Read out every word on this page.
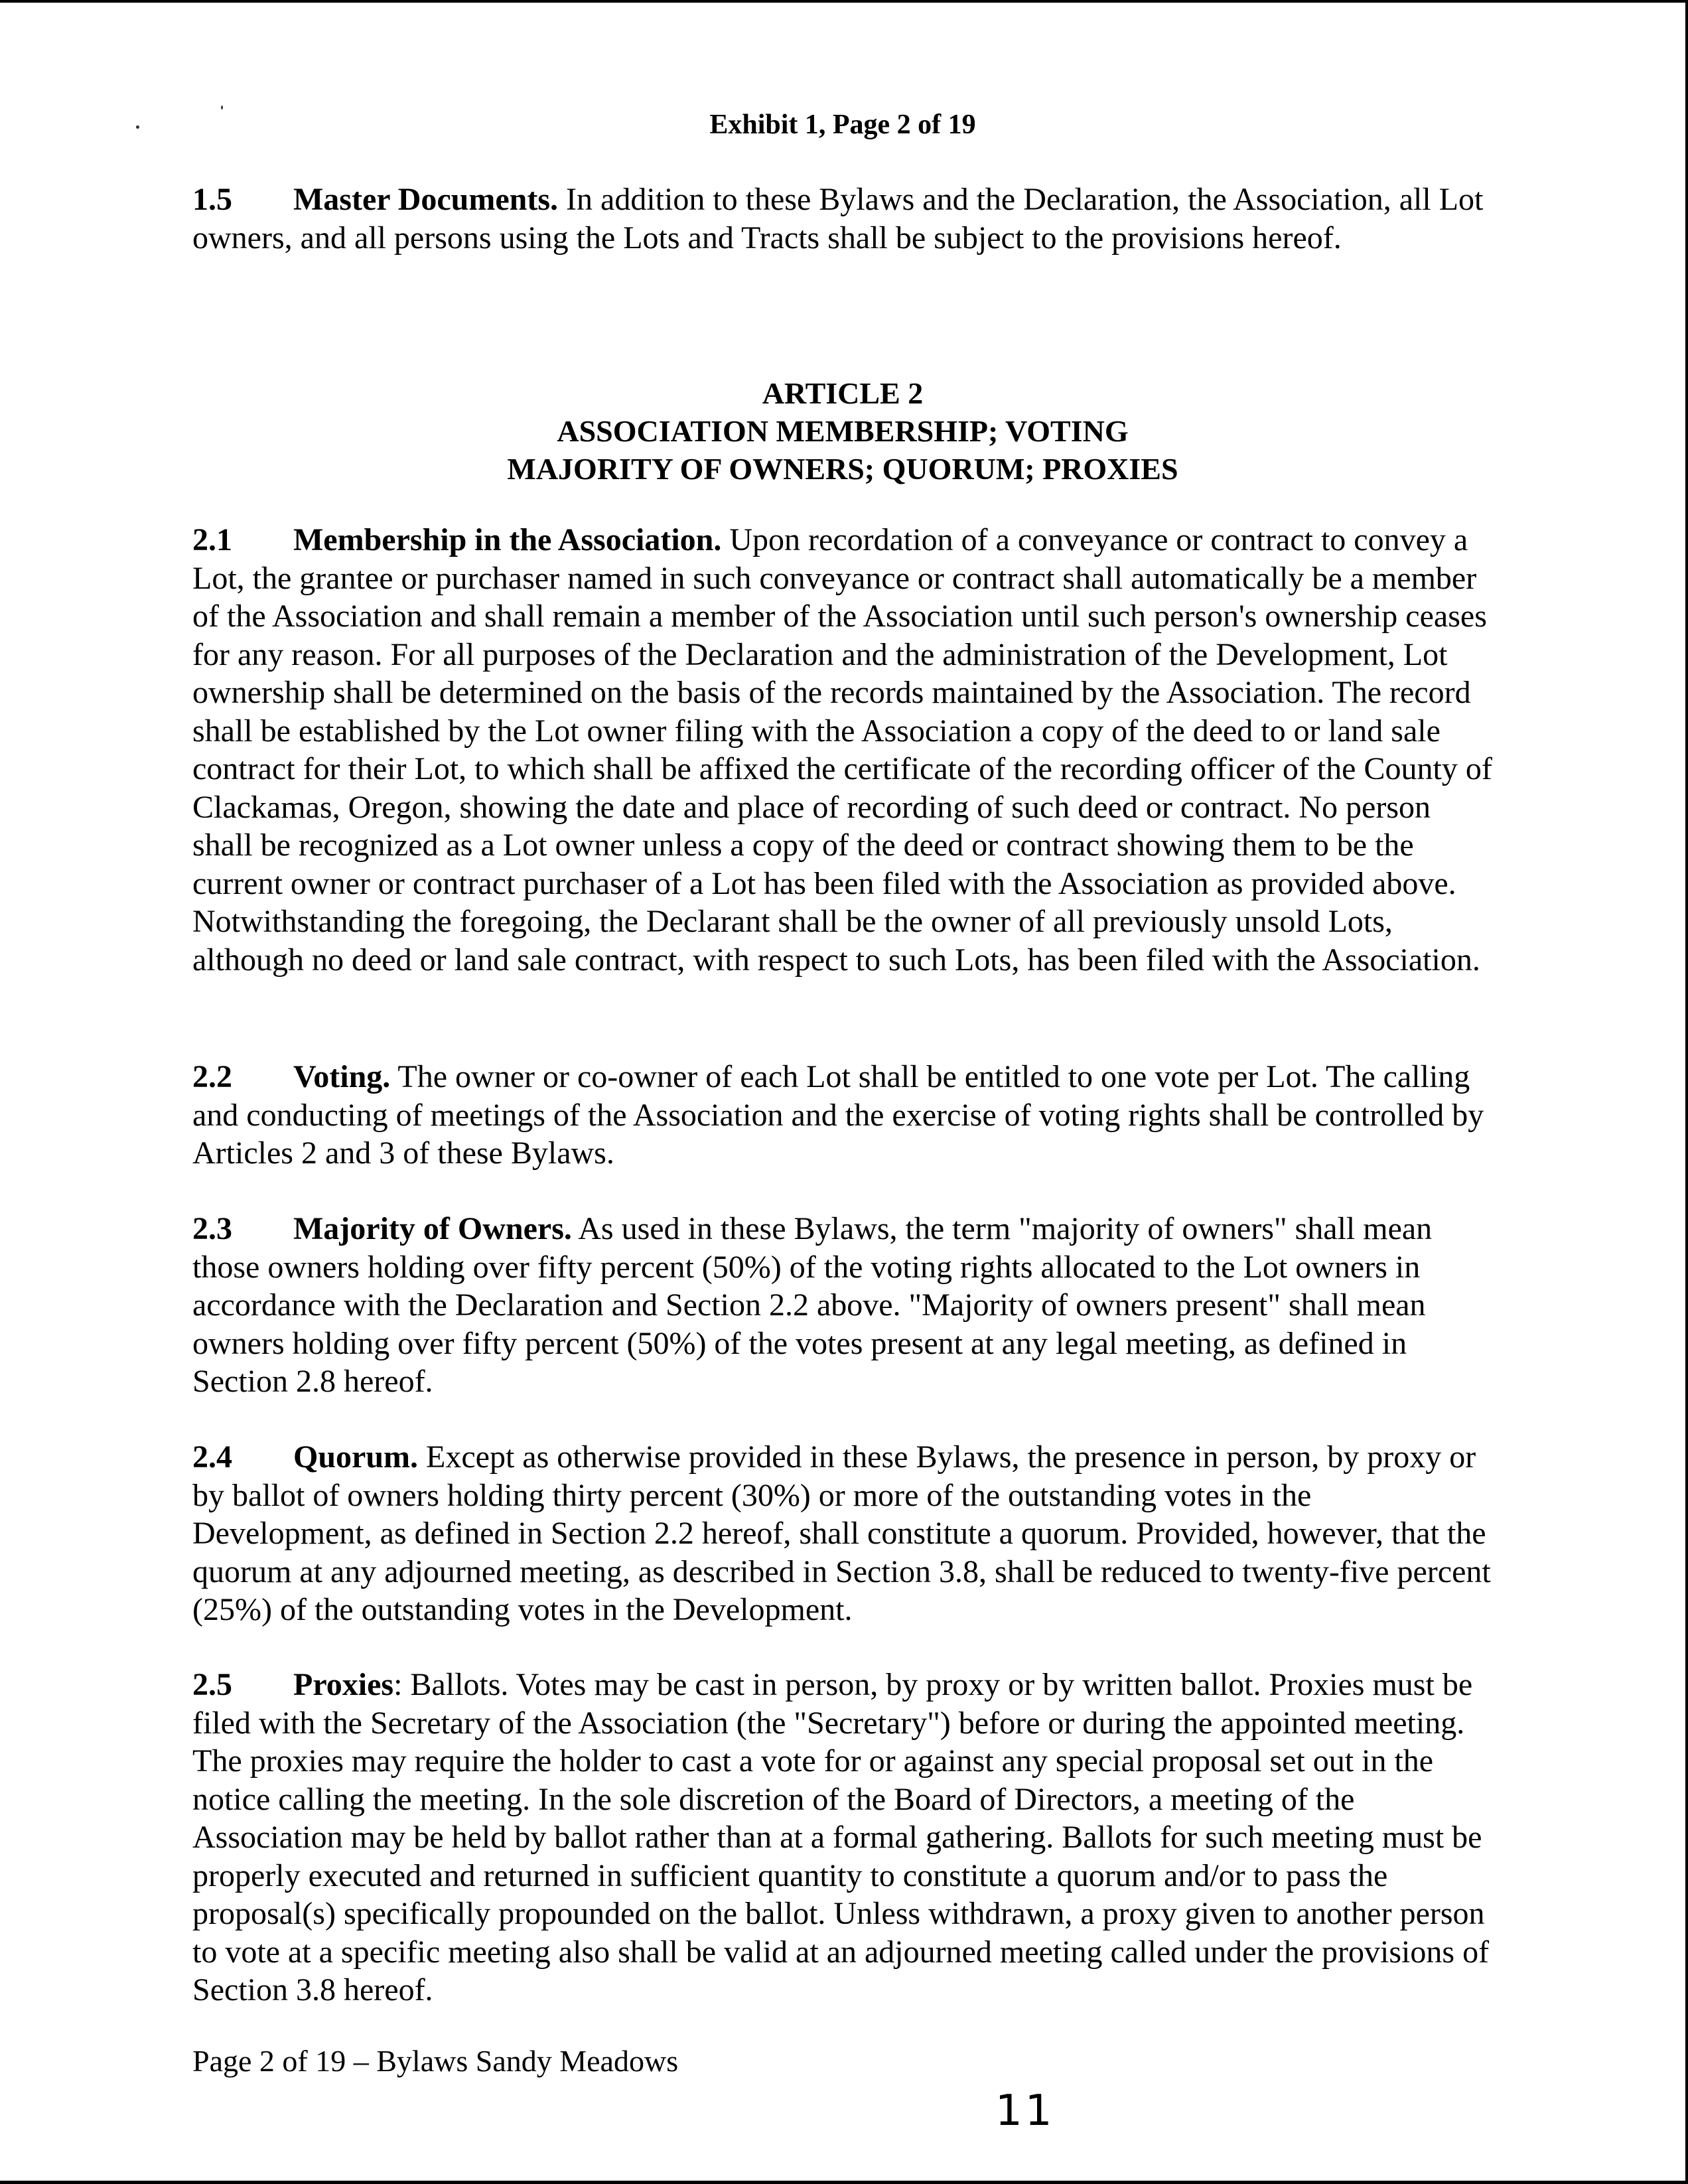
Exhibit 1, Page 2 of 19
1.5 Master Documents. In addition to these Bylaws and the Declaration, the Association, all Lot owners, and all persons using the Lots and Tracts shall be subject to the provisions hereof.
ARTICLE 2
ASSOCIATION MEMBERSHIP; VOTING
MAJORITY OF OWNERS; QUORUM; PROXIES
2.1 Membership in the Association. Upon recordation of a conveyance or contract to convey a Lot, the grantee or purchaser named in such conveyance or contract shall automatically be a member of the Association and shall remain a member of the Association until such person's ownership ceases for any reason. For all purposes of the Declaration and the administration of the Development, Lot ownership shall be determined on the basis of the records maintained by the Association. The record shall be established by the Lot owner filing with the Association a copy of the deed to or land sale contract for their Lot, to which shall be affixed the certificate of the recording officer of the County of Clackamas, Oregon, showing the date and place of recording of such deed or contract. No person shall be recognized as a Lot owner unless a copy of the deed or contract showing them to be the current owner or contract purchaser of a Lot has been filed with the Association as provided above. Notwithstanding the foregoing, the Declarant shall be the owner of all previously unsold Lots, although no deed or land sale contract, with respect to such Lots, has been filed with the Association.
2.2 Voting. The owner or co-owner of each Lot shall be entitled to one vote per Lot. The calling and conducting of meetings of the Association and the exercise of voting rights shall be controlled by Articles 2 and 3 of these Bylaws.
2.3 Majority of Owners. As used in these Bylaws, the term "majority of owners" shall mean those owners holding over fifty percent (50%) of the voting rights allocated to the Lot owners in accordance with the Declaration and Section 2.2 above. "Majority of owners present" shall mean owners holding over fifty percent (50%) of the votes present at any legal meeting, as defined in Section 2.8 hereof.
2.4 Quorum. Except as otherwise provided in these Bylaws, the presence in person, by proxy or by ballot of owners holding thirty percent (30%) or more of the outstanding votes in the Development, as defined in Section 2.2 hereof, shall constitute a quorum. Provided, however, that the quorum at any adjourned meeting, as described in Section 3.8, shall be reduced to twenty-five percent (25%) of the outstanding votes in the Development.
2.5 Proxies: Ballots. Votes may be cast in person, by proxy or by written ballot. Proxies must be filed with the Secretary of the Association (the "Secretary") before or during the appointed meeting. The proxies may require the holder to cast a vote for or against any special proposal set out in the notice calling the meeting. In the sole discretion of the Board of Directors, a meeting of the Association may be held by ballot rather than at a formal gathering. Ballots for such meeting must be properly executed and returned in sufficient quantity to constitute a quorum and/or to pass the proposal(s) specifically propounded on the ballot. Unless withdrawn, a proxy given to another person to vote at a specific meeting also shall be valid at an adjourned meeting called under the provisions of Section 3.8 hereof.
Page 2 of 19 – Bylaws Sandy Meadows
11
